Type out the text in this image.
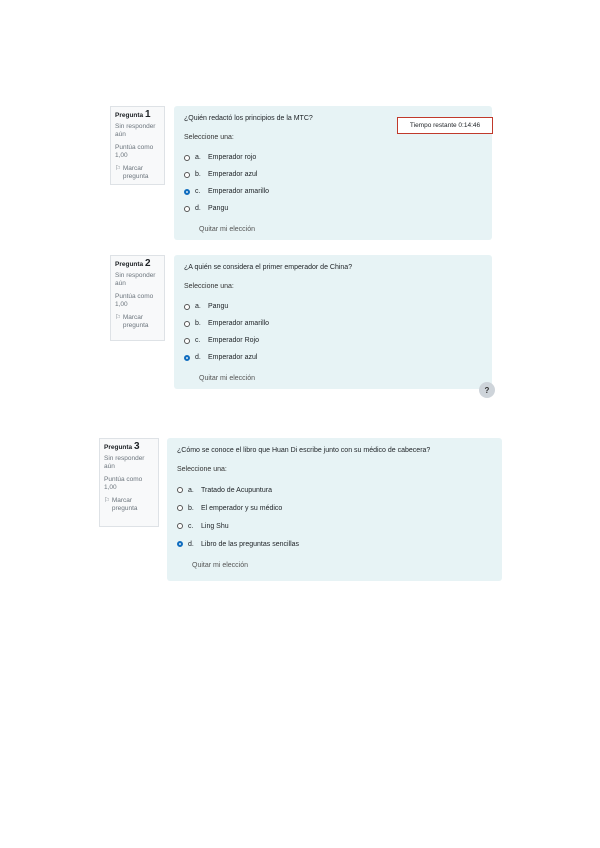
Pregunta 1
Sin responder aún
Puntúa como 1,00
⚐ Marcar pregunta
¿Quién redactó los principios de la MTC?
Seleccione una:
a.	Emperador rojo
b.	Emperador azul
c.	Emperador amarillo
d.	Pangu
Quitar mi elección
Tiempo restante 0:14:46
Pregunta 2
Sin responder aún
Puntúa como 1,00
⚐ Marcar pregunta
¿A quién se considera el primer emperador de China?
Seleccione una:
a.	Pangu
b.	Emperador amarillo
c.	Emperador Rojo
d.	Emperador azul
Quitar mi elección
?
Pregunta 3
Sin responder aún
Puntúa como 1,00
⚐ Marcar pregunta
¿Cómo se conoce el libro que Huan Di escribe junto con su médico de cabecera?
Seleccione una:
a.	Tratado de Acupuntura
b.	El emperador y su médico
c.	Ling Shu
d.	Libro de las preguntas sencillas
Quitar mi elección
